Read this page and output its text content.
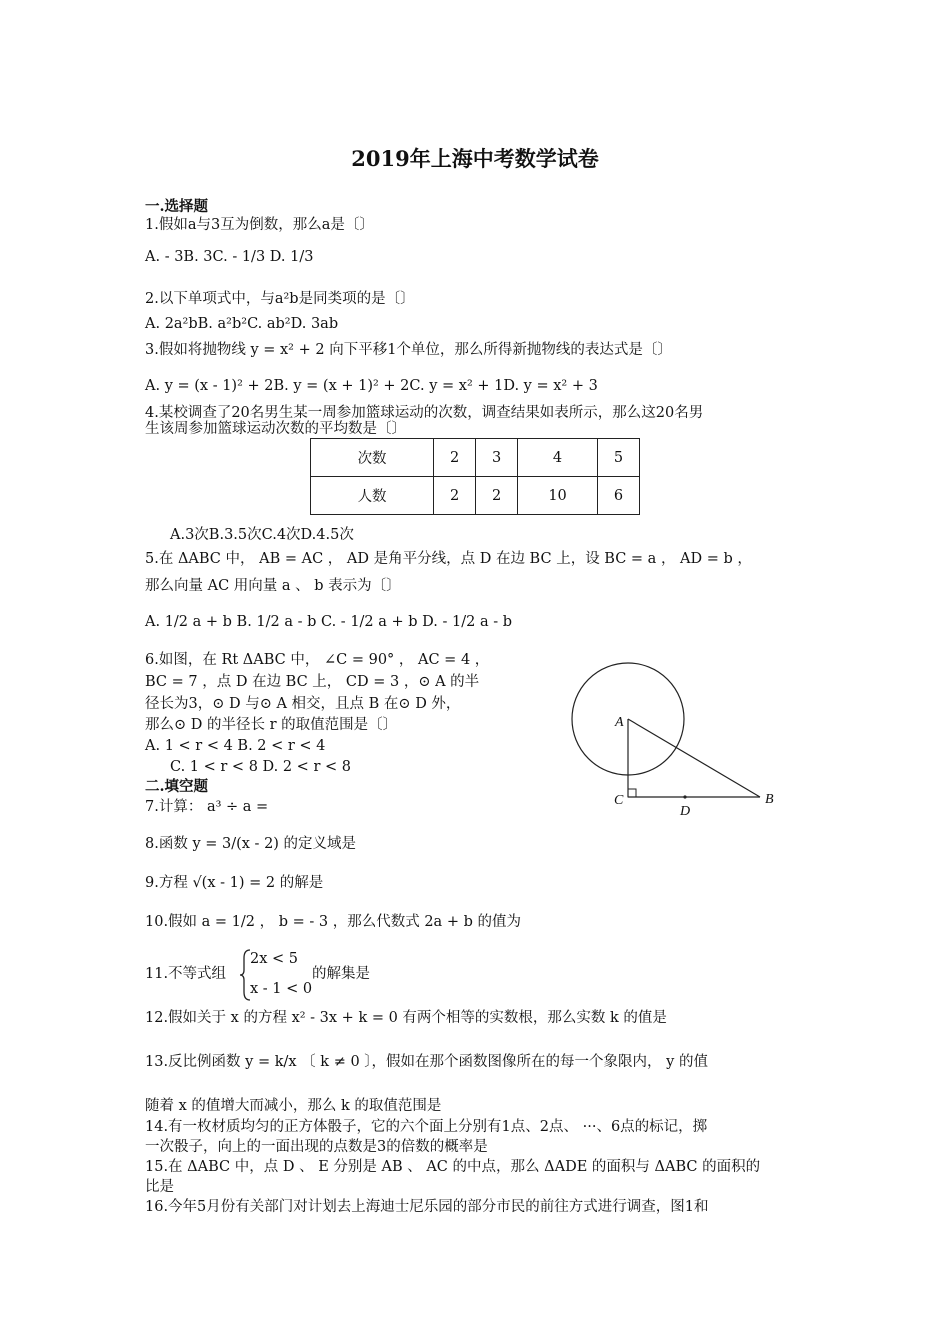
2019年上海中考数学试卷
一.选择题
1.假如a与3互为倒数，那么a是〔〕
A. - 3B. 3C. - 1/3 D. 1/3
2.以下单项式中，与a²b是同类项的是〔〕
A. 2a²bB. a²b²C. ab²D. 3ab
3.假如将抛物线 y = x² + 2 向下平移1个单位，那么所得新抛物线的表达式是〔〕
A. y = (x - 1)² + 2B. y = (x + 1)² + 2C. y = x² + 1D. y = x² + 3
4.某校调查了20名男生某一周参加篮球运动的次数，调查结果如表所示，那么这20名男
生该周参加篮球运动次数的平均数是〔〕
次数	2	3	4	5
人数	2	2	10	6
A.3次B.3.5次C.4次D.4.5次
5.在 ΔABC 中， AB = AC ， AD 是角平分线，点 D 在边 BC 上，设 BC = a ， AD = b ，
那么向量 AC 用向量 a 、 b 表示为〔〕
A. 1/2 a + b B. 1/2 a - b C. - 1/2 a + b D. - 1/2 a - b
6.如图，在 Rt ΔABC 中， ∠C = 90° ， AC = 4 ，
BC = 7 ，点 D 在边 BC 上， CD = 3 ，⊙ A 的半
径长为3，⊙ D 与⊙ A 相交，且点 B 在⊙ D 外，
那么⊙ D 的半径长 r 的取值范围是〔〕
A. 1 < r < 4 B. 2 < r < 4
C. 1 < r < 8 D. 2 < r < 8
A
C
D
B
二.填空题
7.计算： a³ ÷ a =
8.函数 y = 3/(x - 2) 的定义域是
9.方程 √(x - 1) = 2 的解是
10.假如 a = 1/2 ， b = - 3 ，那么代数式 2a + b 的值为
11.不等式组
2x < 5
x - 1 < 0
的解集是
12.假如关于 x 的方程 x² - 3x + k = 0 有两个相等的实数根，那么实数 k 的值是
13.反比例函数 y = k/x 〔 k ≠ 0 〕，假如在那个函数图像所在的每一个象限内， y 的值
随着 x 的值增大而减小，那么 k 的取值范围是
14.有一枚材质均匀的正方体骰子，它的六个面上分别有1点、2点、 ···、6点的标记，掷
一次骰子，向上的一面出现的点数是3的倍数的概率是
15.在 ΔABC 中，点 D 、 E 分别是 AB 、 AC 的中点，那么 ΔADE 的面积与 ΔABC 的面积的
比是
16.今年5月份有关部门对计划去上海迪士尼乐园的部分市民的前往方式进行调查，图1和
